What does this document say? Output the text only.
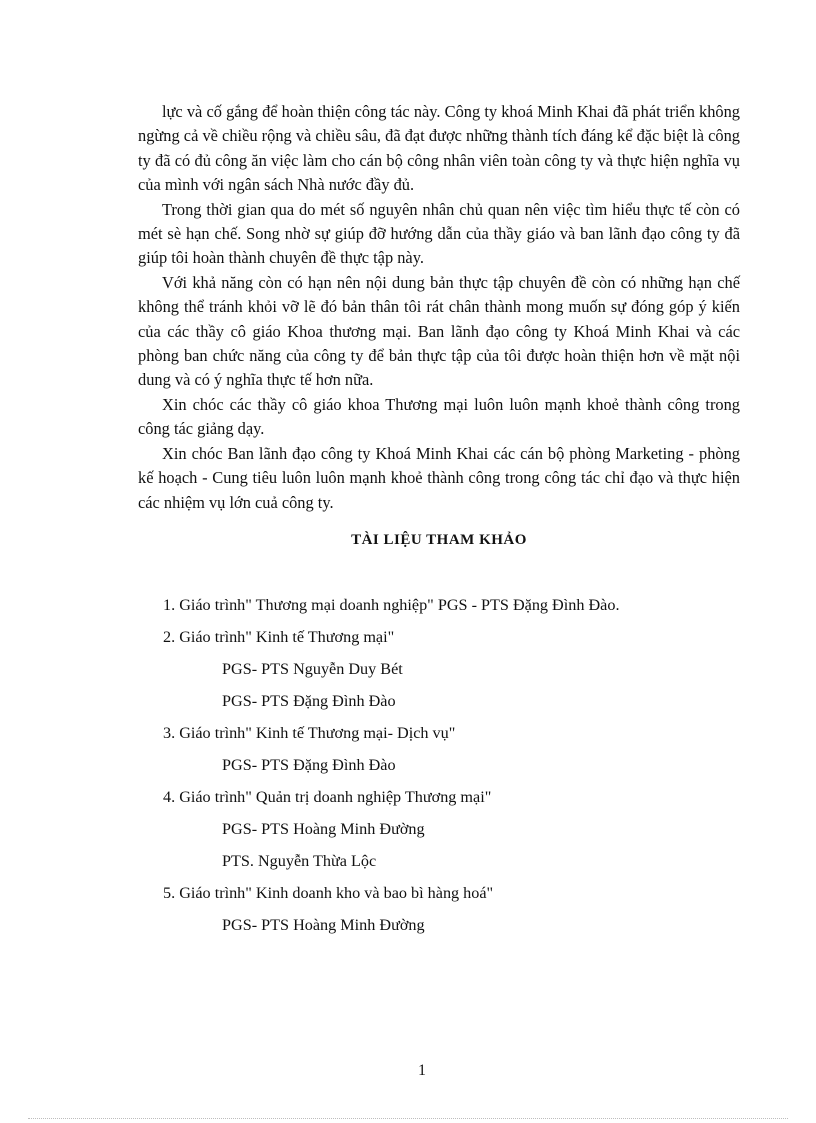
lực và cố gắng để hoàn thiện công tác này. Công ty khoá Minh Khai đã phát triển không ngừng cả về chiều rộng và chiều sâu, đã đạt được những thành tích đáng kể đặc biệt là công ty đã có đủ công ăn việc làm cho cán bộ công nhân viên toàn công ty và thực hiện nghĩa vụ của mình với ngân sách Nhà nước đầy đủ.

Trong thời gian qua do mét số nguyên nhân chủ quan nên việc tìm hiểu thực tế còn có mét sè hạn chế. Song nhờ sự giúp đỡ hướng dẫn của thầy giáo và ban lãnh đạo công ty đã giúp tôi hoàn thành chuyên đề thực tập này.

Với khả năng còn có hạn nên nội dung bản thực tập chuyên đề còn có những hạn chế không thể tránh khỏi vỡ lẽ đó bản thân tôi rát chân thành mong muốn sự đóng góp ý kiến của các thầy cô giáo Khoa thương mại. Ban lãnh đạo công ty Khoá Minh Khai và các phòng ban chức năng của công ty để bản thực tập của tôi được hoàn thiện hơn về mặt nội dung và có ý nghĩa thực tế hơn nữa.

Xin chóc các thầy cô giáo khoa Thương mại luôn luôn mạnh khoẻ thành công trong công tác giảng dạy.

Xin chóc Ban lãnh đạo công ty Khoá Minh Khai các cán bộ phòng Marketing - phòng kế hoạch - Cung tiêu luôn luôn mạnh khoẻ thành công trong công tác chỉ đạo và thực hiện các nhiệm vụ lớn cuả công ty.

TÀI LIỆU THAM KHẢO
1. Giáo trình" Thương mại doanh nghiệp" PGS - PTS Đặng Đình Đào.
2. Giáo trình" Kinh tế Thương mại"
PGS- PTS Nguyễn Duy Bét
PGS- PTS Đặng Đình Đào
3. Giáo trình" Kinh tế Thương mại- Dịch vụ"
PGS- PTS Đặng Đình Đào
4. Giáo trình" Quản trị doanh nghiệp Thương mại"
PGS- PTS Hoàng Minh Đường
PTS. Nguyễn Thừa Lộc
5. Giáo trình" Kinh doanh kho và bao bì hàng hoá"
PGS- PTS Hoàng Minh Đường
1
